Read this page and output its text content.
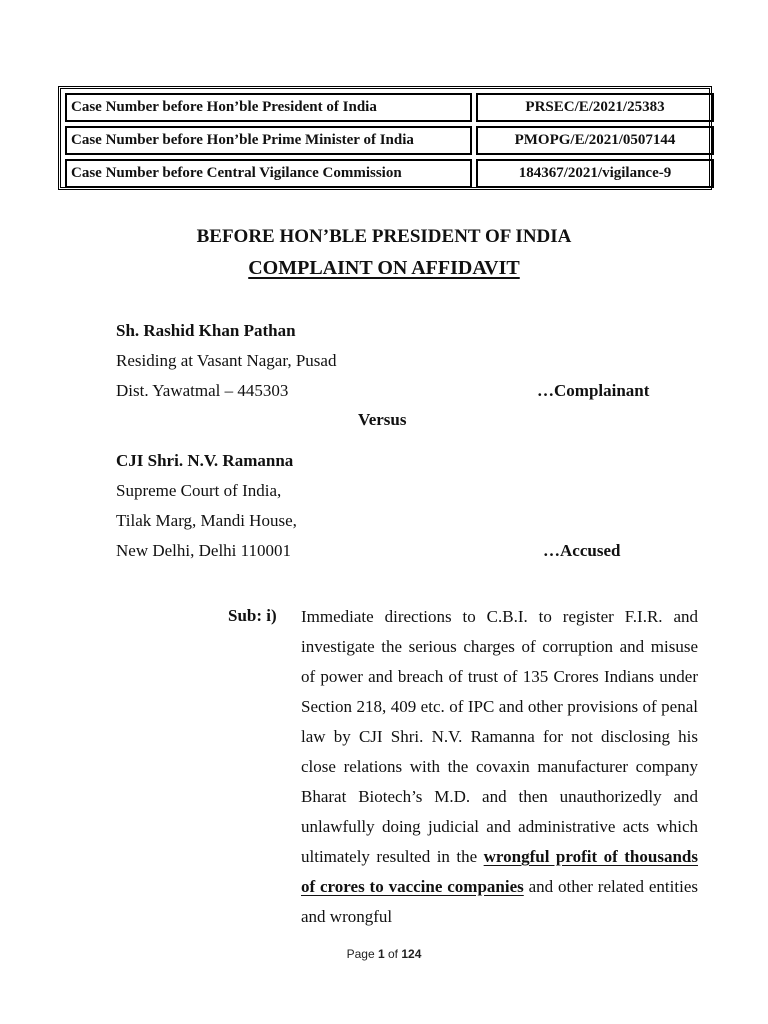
Case Number before Hon’ble President of India	PRSEC/E/2021/25383
Case Number before Hon’ble Prime Minister of India	PMOPG/E/2021/0507144
Case Number before Central Vigilance Commission	184367/2021/vigilance-9
BEFORE HON’BLE PRESIDENT OF INDIA
COMPLAINT ON AFFIDAVIT
Sh. Rashid Khan Pathan
Residing at Vasant Nagar, Pusad
Dist. Yawatmal – 445303	…Complainant
Versus
CJI Shri. N.V. Ramanna
Supreme Court of India,
Tilak Marg, Mandi House,
New Delhi, Delhi 110001	…Accused
Sub: i) Immediate directions to C.B.I. to register F.I.R. and investigate the serious charges of corruption and misuse of power and breach of trust of 135 Crores Indians under Section 218, 409 etc. of IPC and other provisions of penal law by CJI Shri. N.V. Ramanna for not disclosing his close relations with the covaxin manufacturer company Bharat Biotech’s M.D. and then unauthorizedly and unlawfully doing judicial and administrative acts which ultimately resulted in the wrongful profit of thousands of crores to vaccine companies and other related entities and wrongful
Page 1 of 124
